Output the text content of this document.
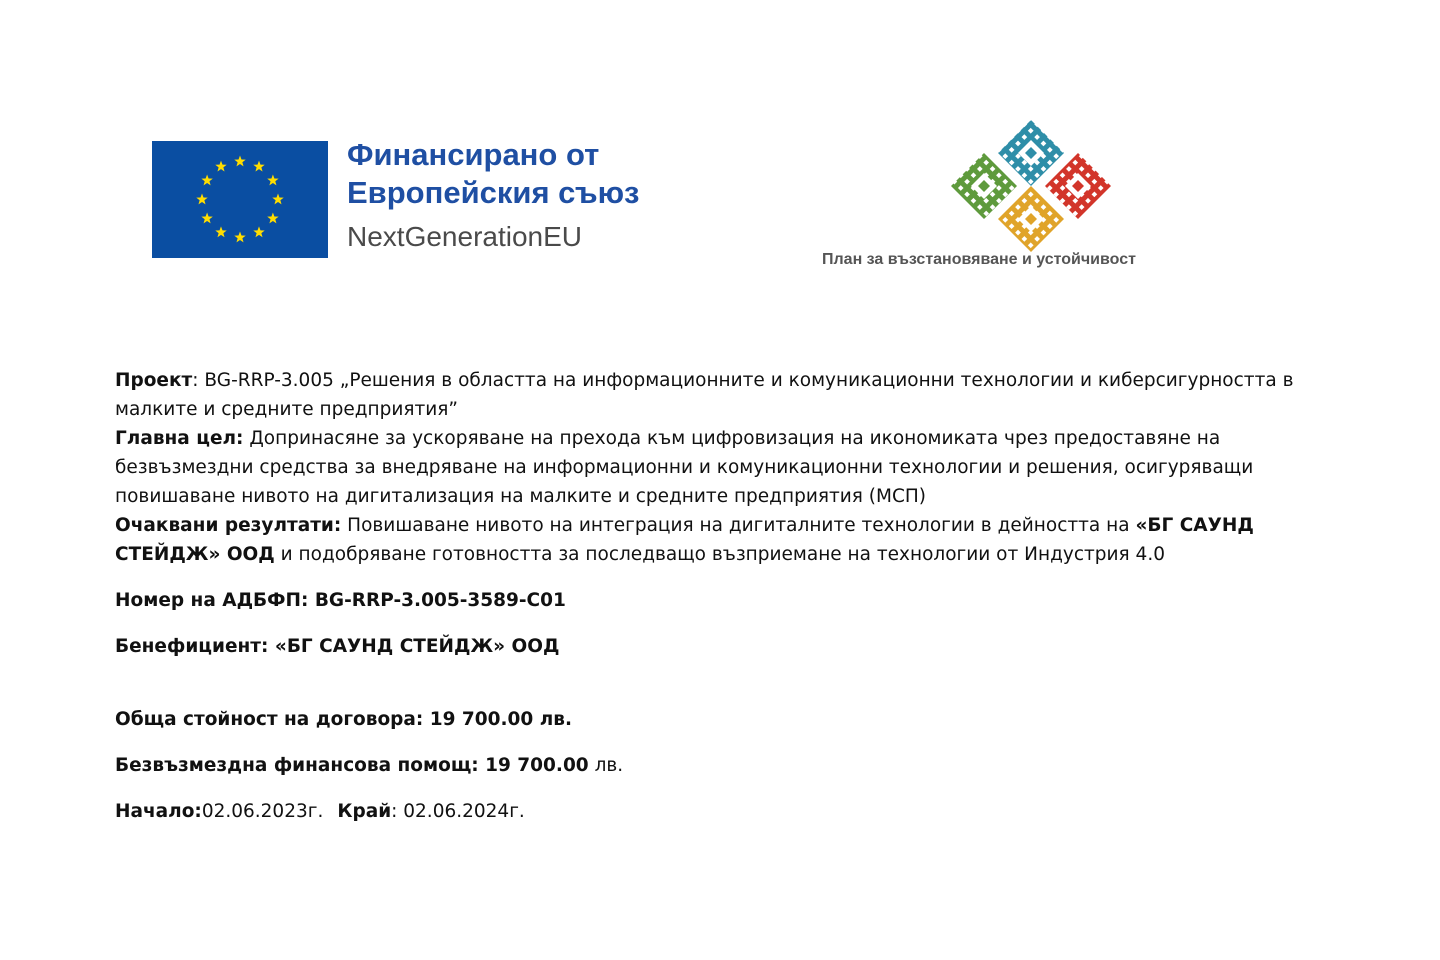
Финансирано от
Европейския съюз
NextGenerationEU
План за възстановяване и устойчивост

Проект: BG-RRP-3.005 „Решения в областта на информационните и комуникационни технологии и киберсигурността в малките и средните предприятия”

Главна цел: Допринасяне за ускоряване на прехода към цифровизация на икономиката чрез предоставяне на безвъзмездни средства за внедряване на информационни и комуникационни технологии и решения, осигуряващи повишаване нивото на дигитализация на малките и средните предприятия (МСП)

Очаквани резултати: Повишаване нивото на интеграция на дигиталните технологии в дейността на «БГ САУНД СТЕЙДЖ» ООД и подобряване готовността за последващо възприемане на технологии от Индустрия 4.0

Номер на АДБФП: BG-RRP-3.005-3589-C01

Бенефициент: «БГ САУНД СТЕЙДЖ» ООД

Обща стойност на договора: 19 700.00 лв.

Безвъзмездна финансова помощ: 19 700.00 лв.

Начало:02.06.2023г. Край: 02.06.2024г.
